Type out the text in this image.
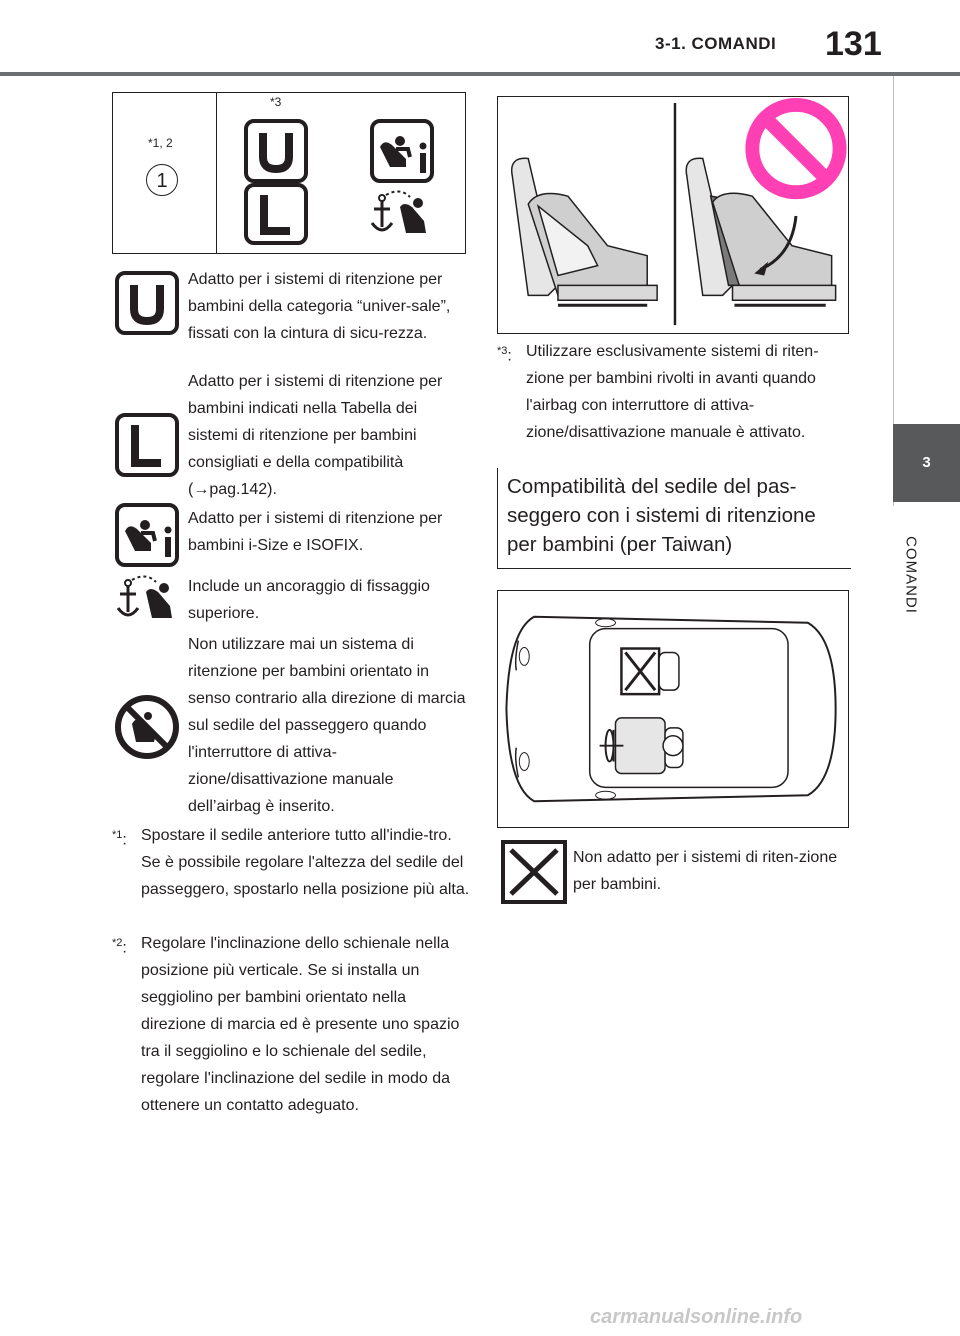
3-1. COMANDI 131
3
COMANDI
*1, 2
1
*3

Adatto per i sistemi di ritenzione per bambini della categoria “univer-sale”, fissati con la cintura di sicu-rezza.

Adatto per i sistemi di ritenzione per bambini indicati nella Tabella dei sistemi di ritenzione per bambini consigliati e della compatibilità (→pag.142).

Adatto per i sistemi di ritenzione per bambini i-Size e ISOFIX.

Include un ancoraggio di fissaggio superiore.

Non utilizzare mai un sistema di ritenzione per bambini orientato in senso contrario alla direzione di marcia sul sedile del passeggero quando l'interruttore di attiva-zione/disattivazione manuale dell’airbag è inserito.

$^{*1}$: Spostare il sedile anteriore tutto all'indie-tro. Se è possibile regolare l'altezza del sedile del passeggero, spostarlo nella posizione più alta.
$^{*2}$: Regolare l'inclinazione dello schienale nella posizione più verticale. Se si installa un seggiolino per bambini orientato nella direzione di marcia ed è presente uno spazio tra il seggiolino e lo schienale del sedile, regolare l'inclinazione del sedile in modo da ottenere un contatto adeguato.
$^{*3}$: Utilizzare esclusivamente sistemi di riten-zione per bambini rivolti in avanti quando l'airbag con interruttore di attiva-zione/disattivazione manuale è attivato.
Compatibilità del sedile del pas-seggero con i sistemi di ritenzione per bambini (per Taiwan)
Non adatto per i sistemi di riten-zione per bambini.
carmanualsonline.info
